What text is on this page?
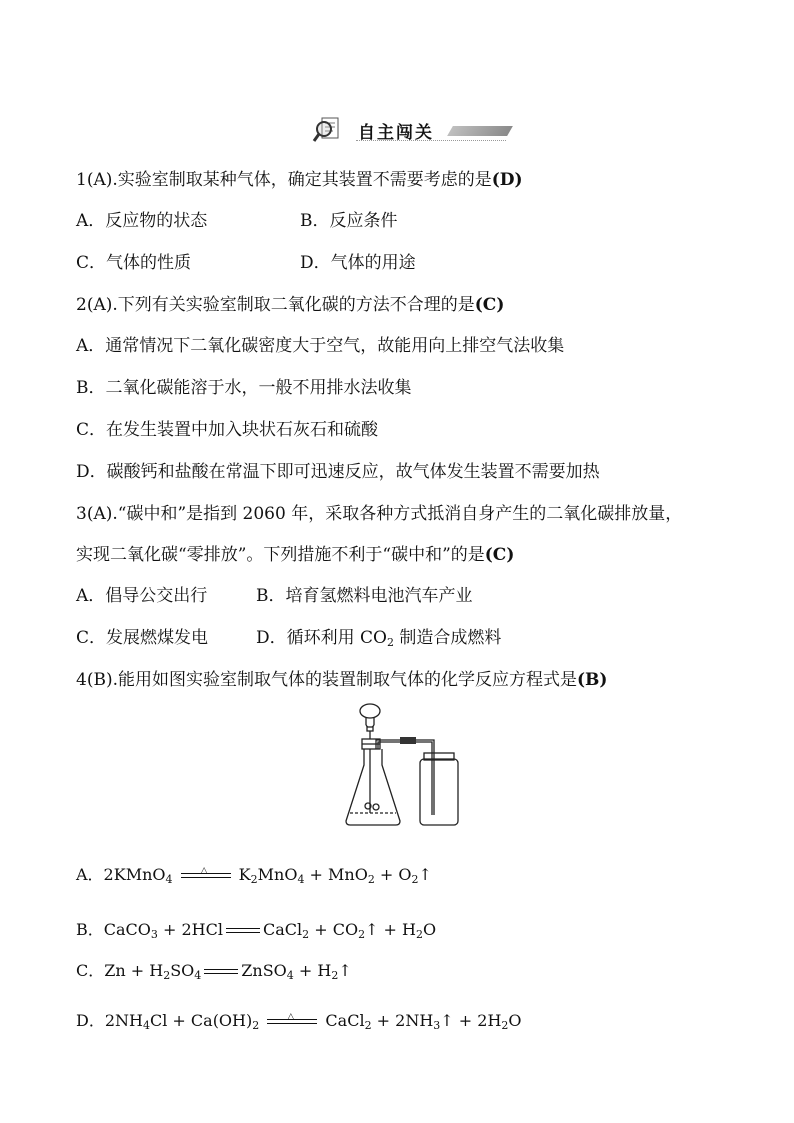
自主闯关
1(A).实验室制取某种气体，确定其装置不需要考虑的是(D)
A．反应物的状态	B．反应条件
C．气体的性质	D．气体的用途
2(A).下列有关实验室制取二氧化碳的方法不合理的是(C)
A．通常情况下二氧化碳密度大于空气，故能用向上排空气法收集
B．二氧化碳能溶于水，一般不用排水法收集
C．在发生装置中加入块状石灰石和硫酸
D．碳酸钙和盐酸在常温下即可迅速反应，故气体发生装置不需要加热
3(A).“碳中和”是指到 2060 年，采取各种方式抵消自身产生的二氧化碳排放量，
实现二氧化碳“零排放”。下列措施不利于“碳中和”的是(C)
A．倡导公交出行	B．培育氢燃料电池汽车产业
C．发展燃煤发电	D．循环利用 $CO_2$ 制造合成燃料
4(B).能用如图实验室制取气体的装置制取气体的化学反应方程式是(B)
A．2KMnO$_4$
△ $K_2MnO_4 + MnO_2$ + $O_2↑$
B．CaCO$_3$ + 2HCl	CaCl$_2$ + $CO_2↑ + H_2O$
C．$Zn + H_2SO_4$	ZnSO$_4$ + $H_2↑$
D．$2NH_4Cl + Ca(OH)_2$
△ CaCl$_2$ + $2NH_3↑ + 2H_2O$
